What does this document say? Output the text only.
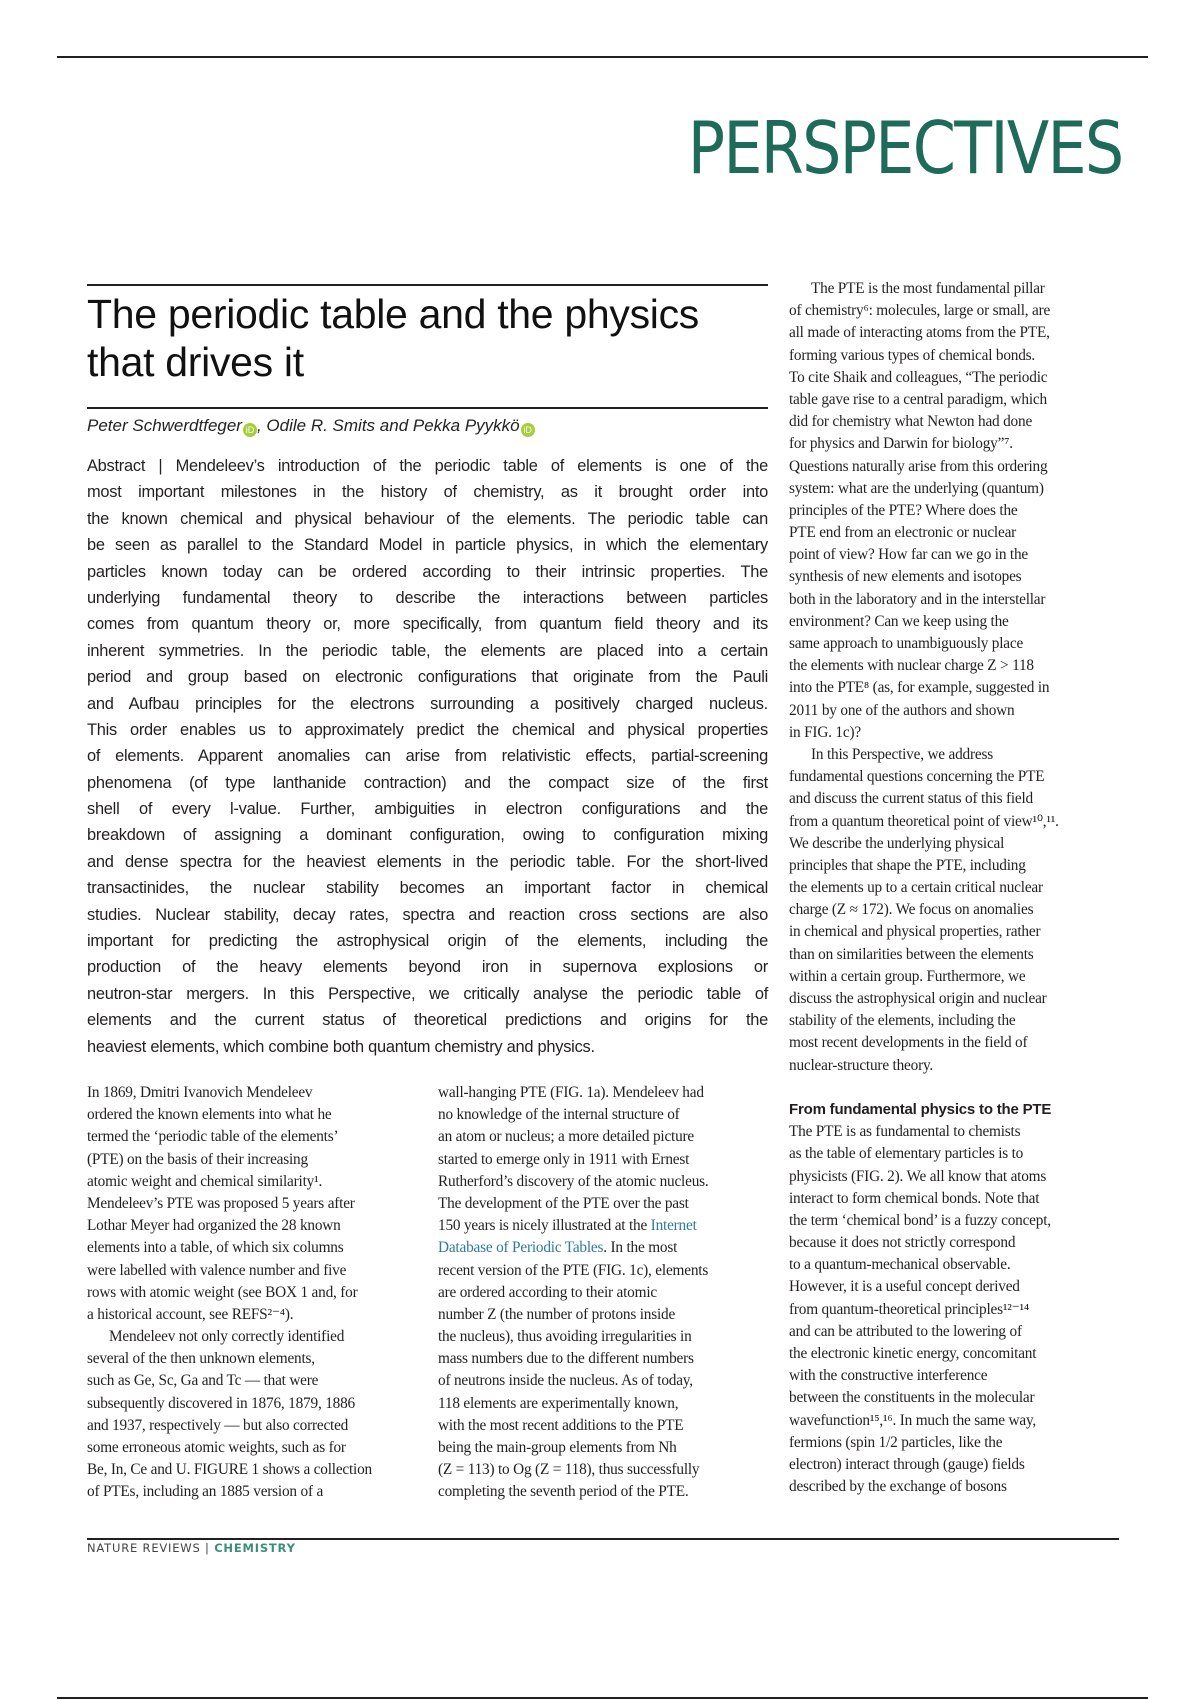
PERSPECTIVES
The periodic table and the physics
that drives it
Peter Schwerdtfeger iD , Odile R. Smits and Pekka Pyykkö iD
Abstract | Mendeleev’s introduction of the periodic table of elements is one of the
most important milestones in the history of chemistry, as it brought order into
the known chemical and physical behaviour of the elements. The periodic table can
be seen as parallel to the Standard Model in particle physics, in which the elementary
particles known today can be ordered according to their intrinsic properties. The
underlying fundamental theory to describe the interactions between particles
comes from quantum theory or, more specifically, from quantum field theory and its
inherent symmetries. In the periodic table, the elements are placed into a certain
period and group based on electronic configurations that originate from the Pauli
and Aufbau principles for the electrons surrounding a positively charged nucleus.
This order enables us to approximately predict the chemical and physical properties
of elements. Apparent anomalies can arise from relativistic effects, partial-screening
phenomena (of type lanthanide contraction) and the compact size of the first
shell of every l-value. Further, ambiguities in electron configurations and the
breakdown of assigning a dominant configuration, owing to configuration mixing
and dense spectra for the heaviest elements in the periodic table. For the short-lived
transactinides, the nuclear stability becomes an important factor in chemical
studies. Nuclear stability, decay rates, spectra and reaction cross sections are also
important for predicting the astrophysical origin of the elements, including the
production of the heavy elements beyond iron in supernova explosions or
neutron-star mergers. In this Perspective, we critically analyse the periodic table of
elements and the current status of theoretical predictions and origins for the
heaviest elements, which combine both quantum chemistry and physics.
In 1869, Dmitri Ivanovich Mendeleev
ordered the known elements into what he
termed the ‘periodic table of the elements’
(PTE) on the basis of their increasing
atomic weight and chemical similarity¹.
Mendeleev’s PTE was proposed 5 years after
Lothar Meyer had organized the 28 known
elements into a table, of which six columns
were labelled with valence number and five
rows with atomic weight (see BOX 1 and, for
a historical account, see REFS²⁻⁴).
Mendeleev not only correctly identified
several of the then unknown elements,
such as Ge, Sc, Ga and Tc — that were
subsequently discovered in 1876, 1879, 1886
and 1937, respectively — but also corrected
some erroneous atomic weights, such as for
Be, In, Ce and U. FIGURE 1 shows a collection
of PTEs, including an 1885 version of a
wall-hanging PTE (FIG. 1a). Mendeleev had
no knowledge of the internal structure of
an atom or nucleus; a more detailed picture
started to emerge only in 1911 with Ernest
Rutherford’s discovery of the atomic nucleus.
The development of the PTE over the past
150 years is nicely illustrated at the Internet
Database of Periodic Tables. In the most
recent version of the PTE (FIG. 1c), elements
are ordered according to their atomic
number Z (the number of protons inside
the nucleus), thus avoiding irregularities in
mass numbers due to the different numbers
of neutrons inside the nucleus. As of today,
118 elements are experimentally known,
with the most recent additions to the PTE
being the main-group elements from Nh
(Z = 113) to Og (Z = 118), thus successfully
completing the seventh period of the PTE.
The PTE is the most fundamental pillar
of chemistry⁶: molecules, large or small, are
all made of interacting atoms from the PTE,
forming various types of chemical bonds.
To cite Shaik and colleagues, “The periodic
table gave rise to a central paradigm, which
did for chemistry what Newton had done
for physics and Darwin for biology”⁷.
Questions naturally arise from this ordering
system: what are the underlying (quantum)
principles of the PTE? Where does the
PTE end from an electronic or nuclear
point of view? How far can we go in the
synthesis of new elements and isotopes
both in the laboratory and in the interstellar
environment? Can we keep using the
same approach to unambiguously place
the elements with nuclear charge Z > 118
into the PTE⁸ (as, for example, suggested in
2011 by one of the authors and shown
in FIG. 1c)?
In this Perspective, we address
fundamental questions concerning the PTE
and discuss the current status of this field
from a quantum theoretical point of view¹⁰,¹¹.
We describe the underlying physical
principles that shape the PTE, including
the elements up to a certain critical nuclear
charge (Z ≈ 172). We focus on anomalies
in chemical and physical properties, rather
than on similarities between the elements
within a certain group. Furthermore, we
discuss the astrophysical origin and nuclear
stability of the elements, including the
most recent developments in the field of
nuclear-structure theory.
From fundamental physics to the PTE
The PTE is as fundamental to chemists
as the table of elementary particles is to
physicists (FIG. 2). We all know that atoms
interact to form chemical bonds. Note that
the term ‘chemical bond’ is a fuzzy concept,
because it does not strictly correspond
to a quantum-mechanical observable.
However, it is a useful concept derived
from quantum-theoretical principles¹²⁻¹⁴
and can be attributed to the lowering of
the electronic kinetic energy, concomitant
with the constructive interference
between the constituents in the molecular
wavefunction¹⁵,¹⁶. In much the same way,
fermions (spin 1/2 particles, like the
electron) interact through (gauge) fields
described by the exchange of bosons
NATURE REVIEWS | CHEMISTRY
